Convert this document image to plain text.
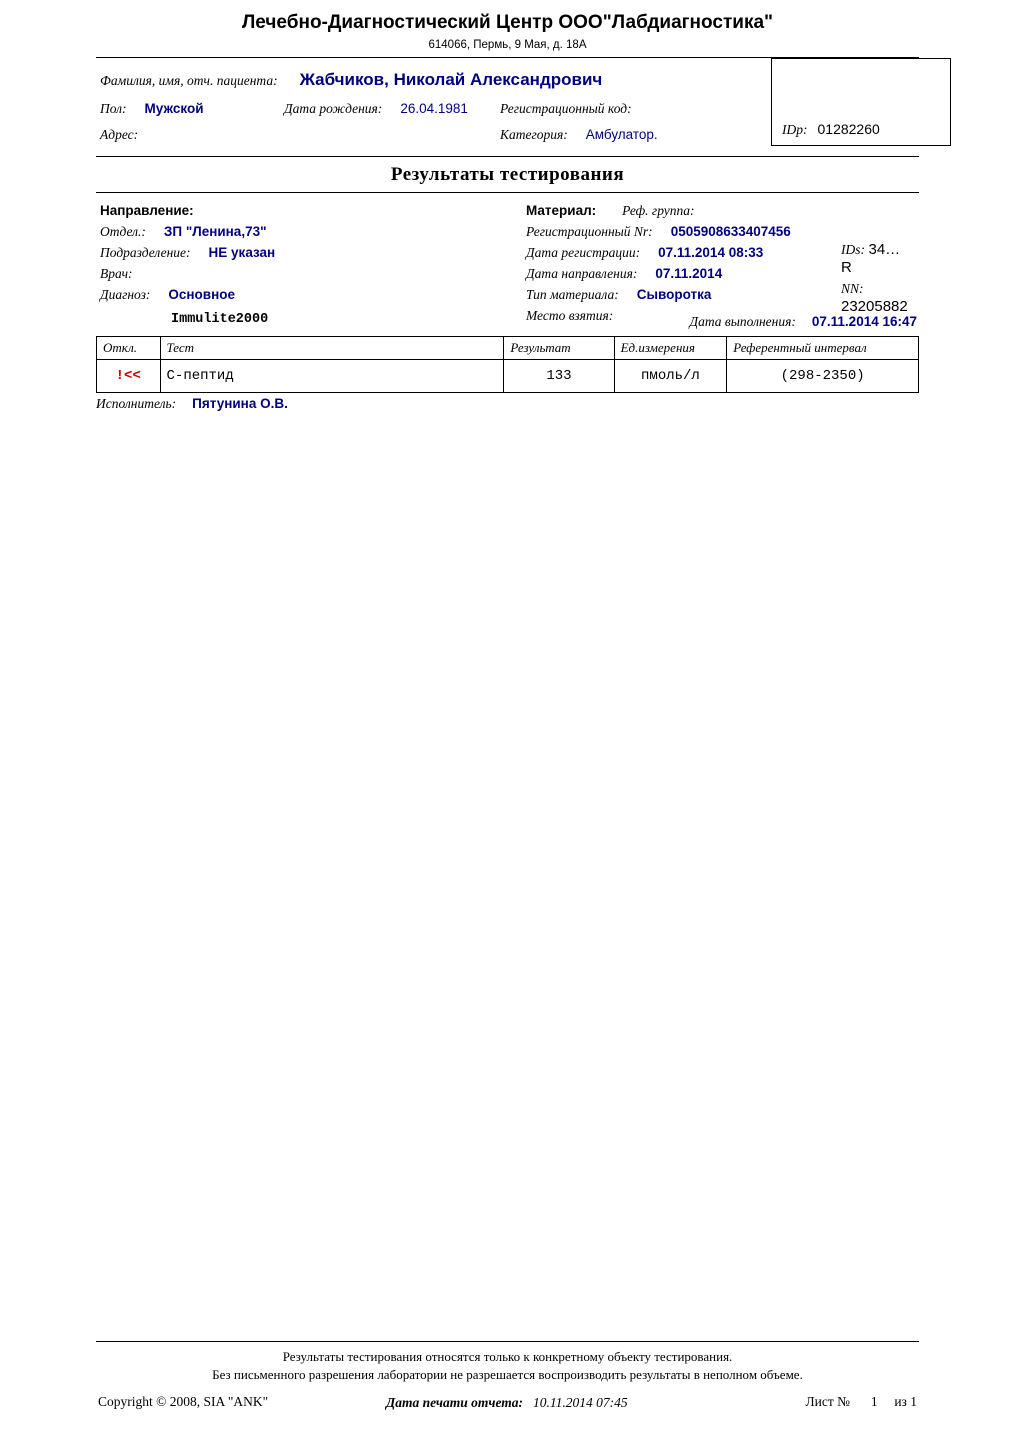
Лечебно-Диагностический Центр ООО"Лабдиагностика"
614066, Пермь, 9 Мая, д. 18А
Фамилия, имя, отч. пациента: Жабчиков, Николай Александрович
Пол: Мужской	Дата рождения: 26.04.1981 Регистрационный код:
Адрес:	Категория: Амбулатор.	IDp: 01282260
Результаты тестирования
Направление:
Отдел.: ЗП "Ленина,73"
Подразделение: НЕ указан
Врач:
Диагноз: Основное
Материал: Реф. группа:
Регистрационный Nr: 0505908633407456
Дата регистрации: 07.11.2014 08:33
Дата направления: 07.11.2014
Тип материала: Сыворотка
Место взятия:
IDs: 34…  R
NN: 23205882
Immulite2000	Дата выполнения: 07.11.2014 16:47
Откл.	Тест	Результат	Ед.измерения	Референтный интервал
!<<	С-пептид	133	пмоль/л	(298-2350)
Исполнитель: Пятунина О.В.
Результаты тестирования относятся только к конкретному объекту тестирования.
Без письменного разрешения лаборатории не разрешается воспроизводить результаты в неполном объеме.
Copyright © 2008, SIA "ANK"	Дата печати отчета: 10.11.2014 07:45	Лист № 1 из 1
